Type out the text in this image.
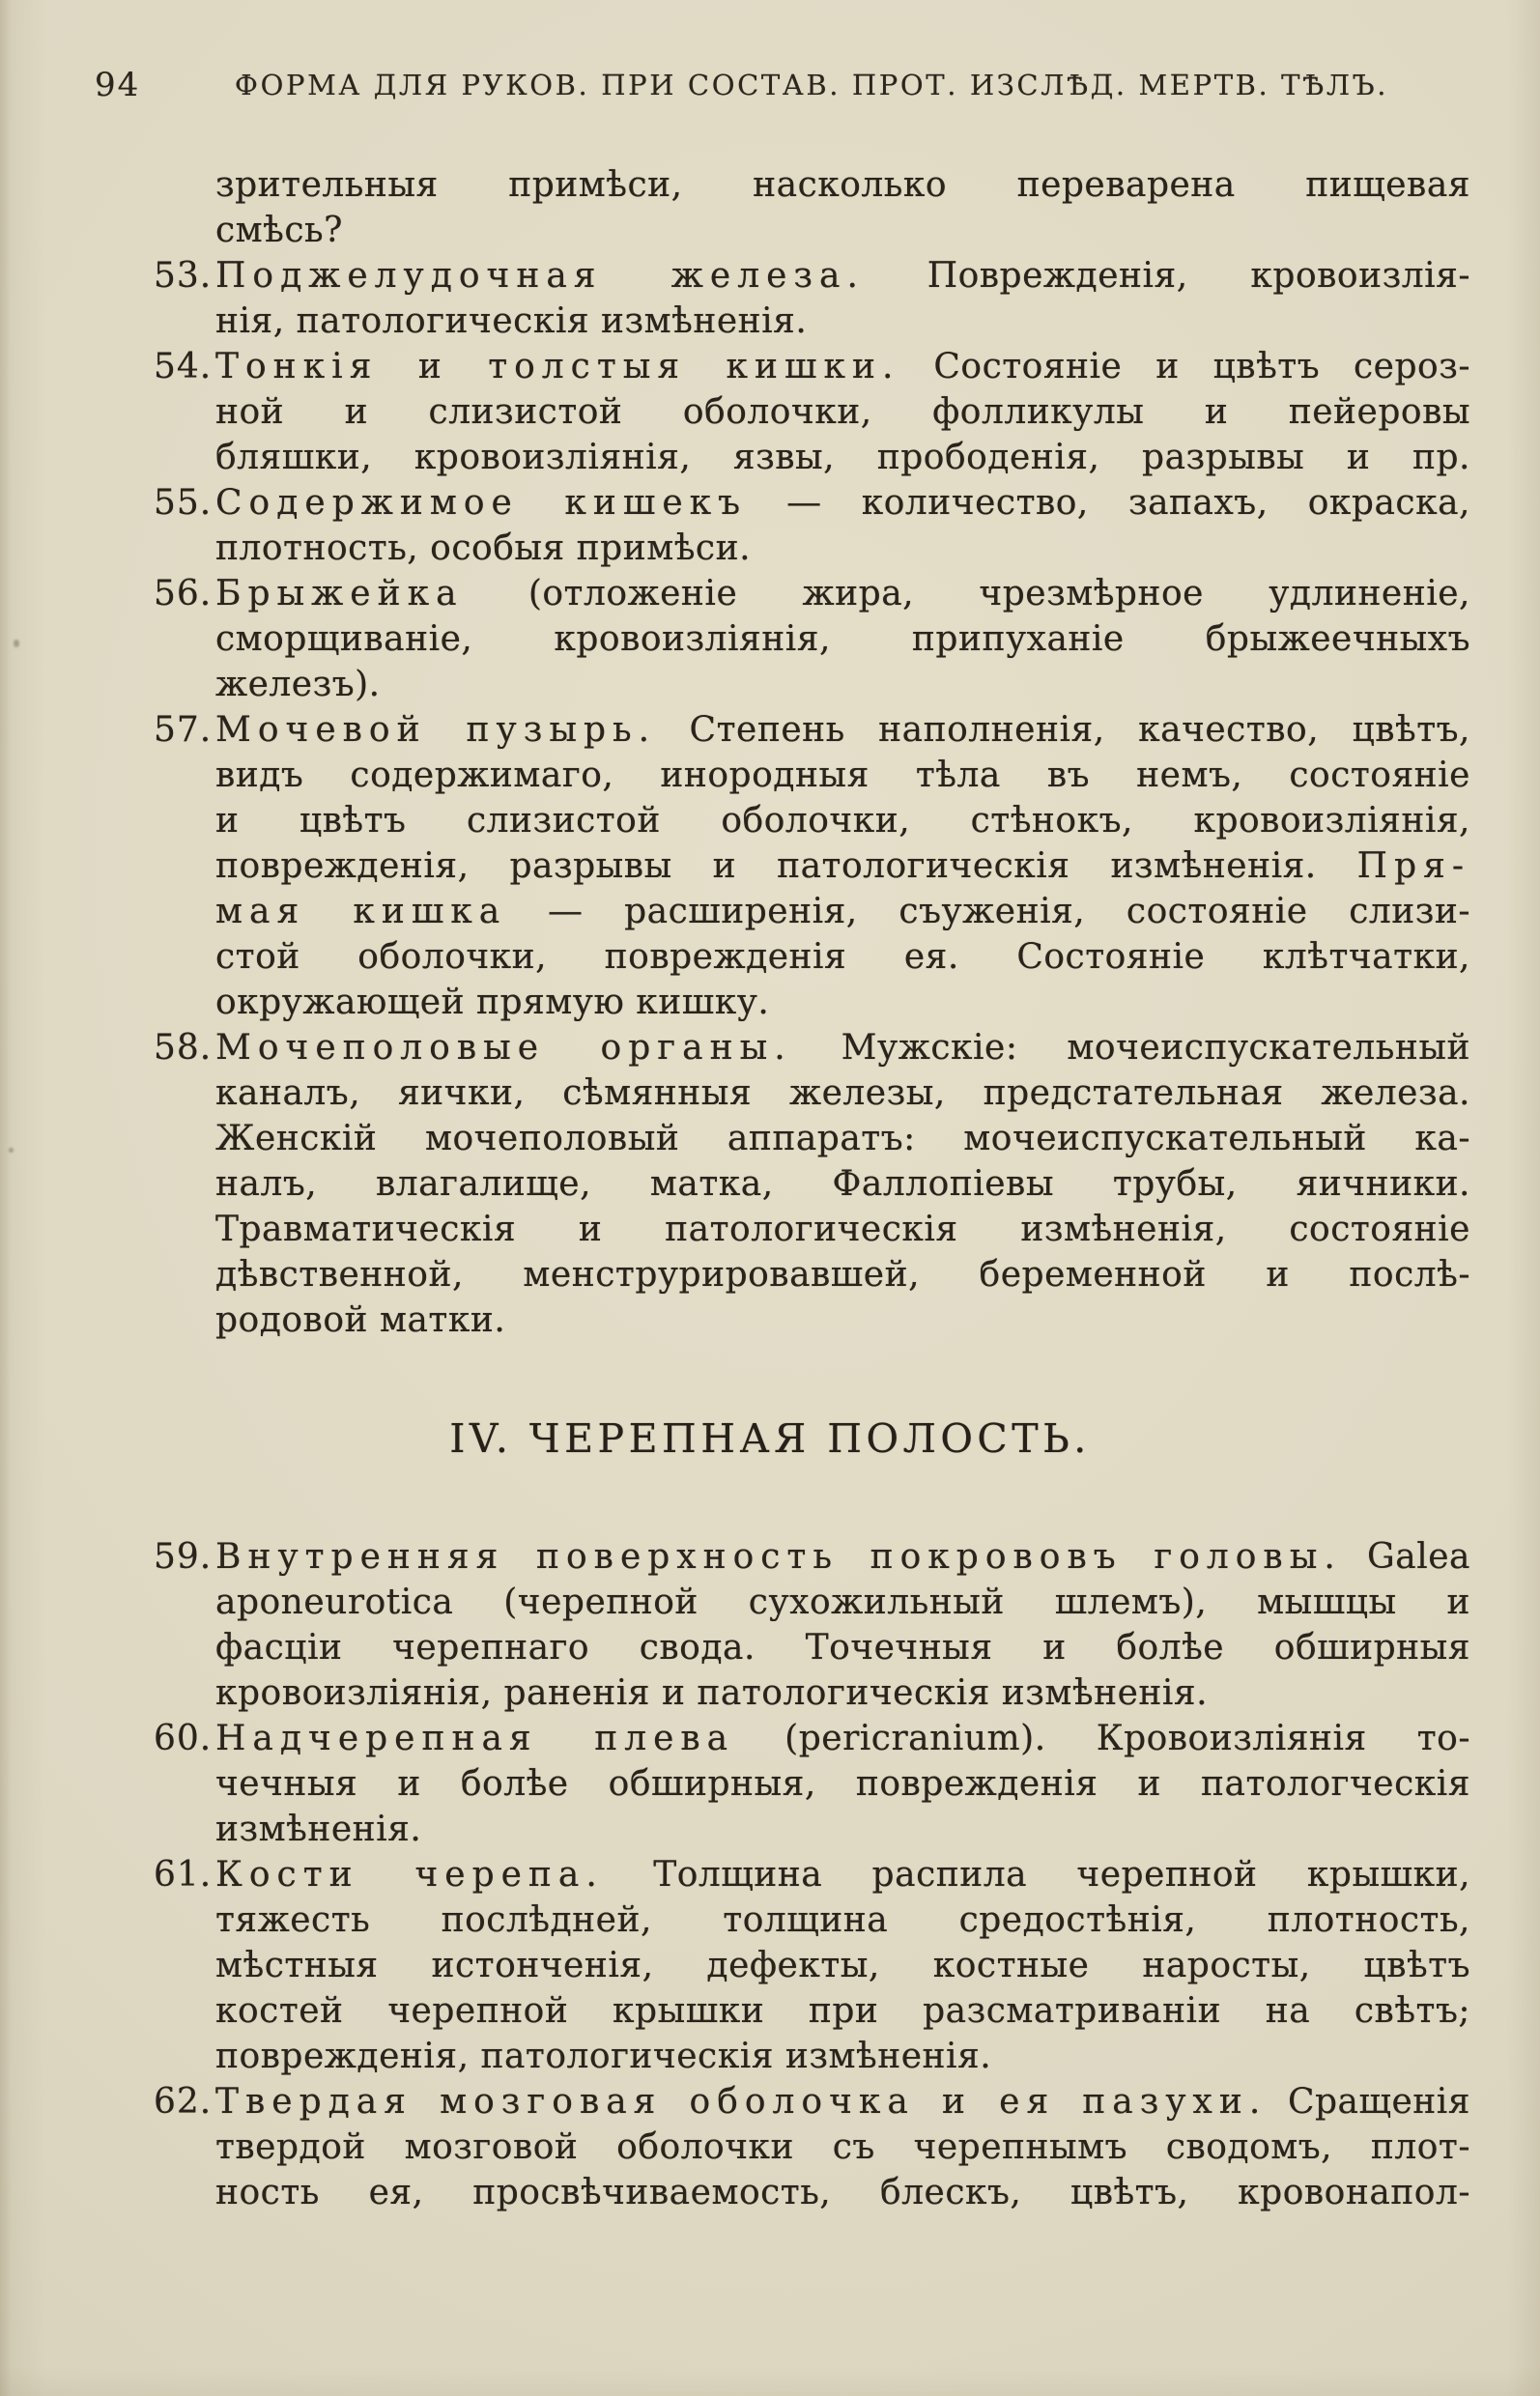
94	ФОРМА ДЛЯ РУКОВ. ПРИ СОСТАВ. ПРОТ. ИЗСЛѢД. МЕРТВ. ТѢЛЪ.
зрительныя примѣси, насколько переварена пищевая
смѣсь?
53. Поджелудочная железа. Поврежденія, кровоизлія-
нія, патологическія измѣненія.
54. Тонкія и толстыя кишки. Состояніе и цвѣтъ сероз-
ной и слизистой оболочки, фолликулы и пейеровы
бляшки, кровоизліянія, язвы, прободенія, разрывы и пр.
55. Содержимое кишекъ — количество, запахъ, окраска,
плотность, особыя примѣси.
56. Брыжейка (отложеніе жира, чрезмѣрное удлиненіе,
сморщиваніе, кровоизліянія, припуханіе брыжеечныхъ
железъ).
57. Мочевой пузырь. Степень наполненія, качество, цвѣтъ,
видъ содержимаго, инородныя тѣла въ немъ, состояніе
и цвѣтъ слизистой оболочки, стѣнокъ, кровоизліянія,
поврежденія, разрывы и патологическія измѣненія. Пря-
мая кишка — расширенія, съуженія, состояніе слизи-
стой оболочки, поврежденія ея. Состояніе клѣтчатки,
окружающей прямую кишку.
58. Мочеполовые органы. Мужскіе: мочеиспускательный
каналъ, яички, сѣмянныя железы, предстательная железа.
Женскій мочеполовый аппаратъ: мочеиспускательный ка-
налъ, влагалище, матка, Фаллопіевы трубы, яичники.
Травматическія и патологическія измѣненія, состояніе
дѣвственной, менструрировавшей, беременной и послѣ-
родовой матки.
IV. ЧЕРЕПНАЯ ПОЛОСТЬ.
59. Внутренняя поверхность покрововъ головы. Galea
aponeurotica (черепной сухожильный шлемъ), мышцы и
фасціи черепнаго свода. Точечныя и болѣе обширныя
кровоизліянія, раненія и патологическія измѣненія.
60. Надчерепная плева (pericranium). Кровоизліянія то-
чечныя и болѣе обширныя, поврежденія и патологческія
измѣненія.
61. Кости черепа. Толщина распила черепной крышки,
тяжесть послѣдней, толщина средостѣнія, плотность,
мѣстныя истонченія, дефекты, костные наросты, цвѣтъ
костей черепной крышки при разсматриваніи на свѣтъ;
поврежденія, патологическія измѣненія.
62. Твердая мозговая оболочка и ея пазухи. Сращенія
твердой мозговой оболочки съ черепнымъ сводомъ, плот-
ность ея, просвѣчиваемость, блескъ, цвѣтъ, кровонапол-
